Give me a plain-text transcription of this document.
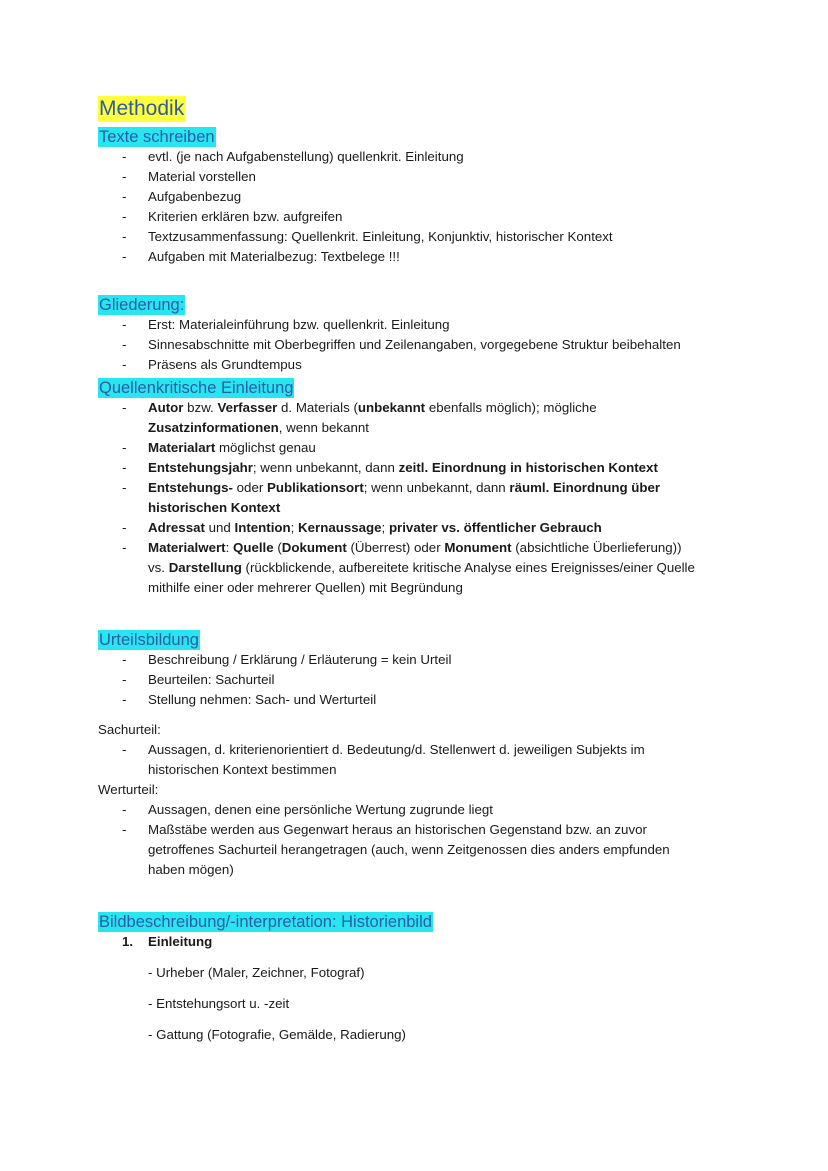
Methodik
Texte schreiben
- evtl. (je nach Aufgabenstellung) quellenkrit. Einleitung
- Material vorstellen
- Aufgabenbezug
- Kriterien erklären bzw. aufgreifen
- Textzusammenfassung: Quellenkrit. Einleitung, Konjunktiv, historischer Kontext
- Aufgaben mit Materialbezug: Textbelege !!!
Gliederung:
- Erst: Materialeinführung bzw. quellenkrit. Einleitung
- Sinnesabschnitte mit Oberbegriffen und Zeilenangaben, vorgegebene Struktur beibehalten
- Präsens als Grundtempus
Quellenkritische Einleitung
- Autor bzw. Verfasser d. Materials (unbekannt ebenfalls möglich); mögliche
Zusatzinformationen, wenn bekannt
- Materialart möglichst genau
- Entstehungsjahr; wenn unbekannt, dann zeitl. Einordnung in historischen Kontext
- Entstehungs- oder Publikationsort; wenn unbekannt, dann räuml. Einordnung über
historischen Kontext
- Adressat und Intention; Kernaussage; privater vs. öffentlicher Gebrauch
- Materialwert: Quelle (Dokument (Überrest) oder Monument (absichtliche Überlieferung))
vs. Darstellung (rückblickende, aufbereitete kritische Analyse eines Ereignisses/einer Quelle
mithilfe einer oder mehrerer Quellen) mit Begründung
Urteilsbildung
- Beschreibung / Erklärung / Erläuterung = kein Urteil
- Beurteilen: Sachurteil
- Stellung nehmen: Sach- und Werturteil
Sachurteil:
- Aussagen, d. kriterienorientiert d. Bedeutung/d. Stellenwert d. jeweiligen Subjekts im
historischen Kontext bestimmen
Werturteil:
- Aussagen, denen eine persönliche Wertung zugrunde liegt
- Maßstäbe werden aus Gegenwart heraus an historischen Gegenstand bzw. an zuvor
getroffenes Sachurteil herangetragen (auch, wenn Zeitgenossen dies anders empfunden
haben mögen)
Bildbeschreibung/-interpretation: Historienbild
1. Einleitung
- Urheber (Maler, Zeichner, Fotograf)
- Entstehungsort u. -zeit
- Gattung (Fotografie, Gemälde, Radierung)
